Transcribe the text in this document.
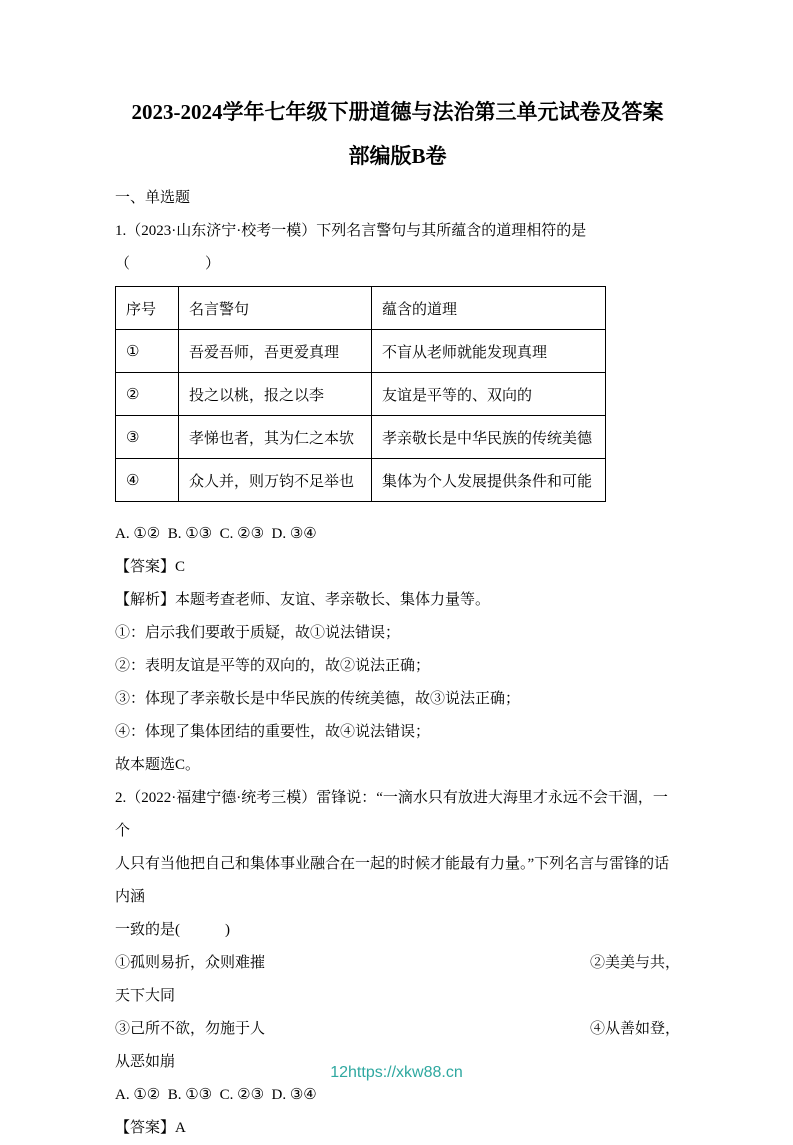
2023-2024学年七年级下册道德与法治第三单元试卷及答案
部编版B卷
一、单选题
1.（2023·山东济宁·校考一模）下列名言警句与其所蕴含的道理相符的是（　　　　　）
序号	名言警句	蕴含的道理
①	吾爱吾师，吾更爱真理	不盲从老师就能发现真理
②	投之以桃，报之以李	友谊是平等的、双向的
③	孝悌也者，其为仁之本欤	孝亲敬长是中华民族的传统美德
④	众人并，则万钧不足举也	集体为个人发展提供条件和可能
A. ①②  B. ①③  C. ②③  D. ③④
【答案】C
【解析】本题考查老师、友谊、孝亲敬长、集体力量等。
①：启示我们要敢于质疑，故①说法错误；
②：表明友谊是平等的双向的，故②说法正确；
③：体现了孝亲敬长是中华民族的传统美德，故③说法正确；
④：体现了集体团结的重要性，故④说法错误；
故本题选C。
2.（2022·福建宁德·统考三模）雷锋说：“一滴水只有放进大海里才永远不会干涸，一个
人只有当他把自己和集体事业融合在一起的时候才能最有力量。”下列名言与雷锋的话内涵
一致的是(　　　)
①孤则易折，众则难摧	②美美与共，
天下大同
③己所不欲，勿施于人	④从善如登，
从恶如崩
A. ①②  B. ①③  C. ②③  D. ③④
【答案】A
12https://xkw88.cn
